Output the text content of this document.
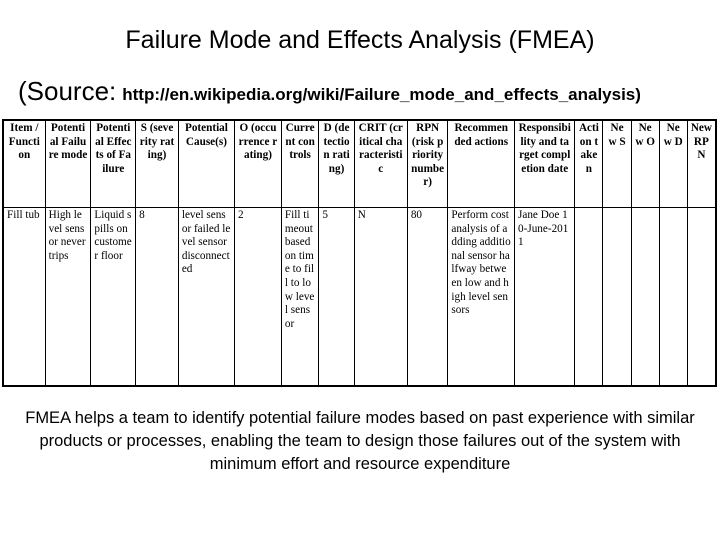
Failure Mode and Effects Analysis (FMEA)
(Source: http://en.wikipedia.org/wiki/Failure_mode_and_effects_analysis)
Item / Function	Potential Failure mode	Potential Effects of Failure	S (severity rating)	Potential Cause(s)	O (occurrence rating)	Current controls	D (detection rating)	CRIT (critical characteristic	RPN (risk priority number)	Recommended actions	Responsibility and target completion date	Action taken	New S	New O	New D	New RPN
Fill tub	High level sensor never trips	Liquid spills on customer floor	8	level sensor failed level sensor disconnected	2	Fill timeout based on time to fill to low level sensor	5	N	80	Perform cost analysis of adding additional sensor halfway between low and high level sensors	Jane Doe 10-June-2011					
FMEA helps a team to identify potential failure modes based on past experience with similar products or processes, enabling the team to design those failures out of the system with minimum effort and resource expenditure
